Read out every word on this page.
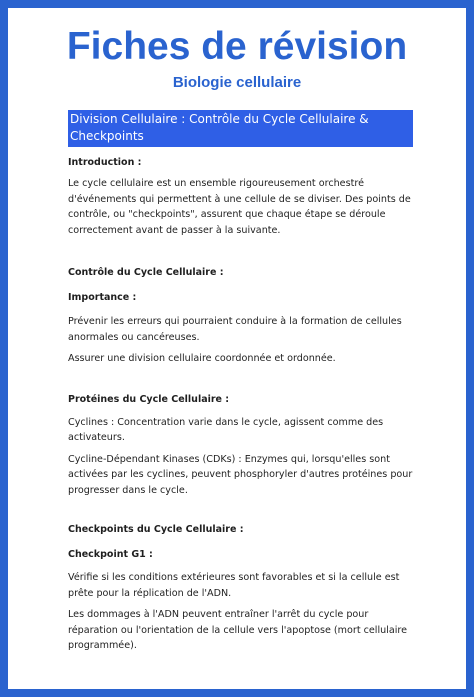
Fiches de révision
Biologie cellulaire
Division Cellulaire : Contrôle du Cycle Cellulaire & Checkpoints

Introduction :

Le cycle cellulaire est un ensemble rigoureusement orchestré d'événements qui permettent à une cellule de se diviser. Des points de contrôle, ou "checkpoints", assurent que chaque étape se déroule correctement avant de passer à la suivante.

Contrôle du Cycle Cellulaire :

Importance :

Prévenir les erreurs qui pourraient conduire à la formation de cellules anormales ou cancéreuses.

Assurer une division cellulaire coordonnée et ordonnée.

Protéines du Cycle Cellulaire :

Cyclines : Concentration varie dans le cycle, agissent comme des activateurs.

Cycline-Dépendant Kinases (CDKs) : Enzymes qui, lorsqu'elles sont activées par les cyclines, peuvent phosphoryler d'autres protéines pour progresser dans le cycle.

Checkpoints du Cycle Cellulaire :

Checkpoint G1 :

Vérifie si les conditions extérieures sont favorables et si la cellule est prête pour la réplication de l'ADN.

Les dommages à l'ADN peuvent entraîner l'arrêt du cycle pour réparation ou l'orientation de la cellule vers l'apoptose (mort cellulaire programmée).
